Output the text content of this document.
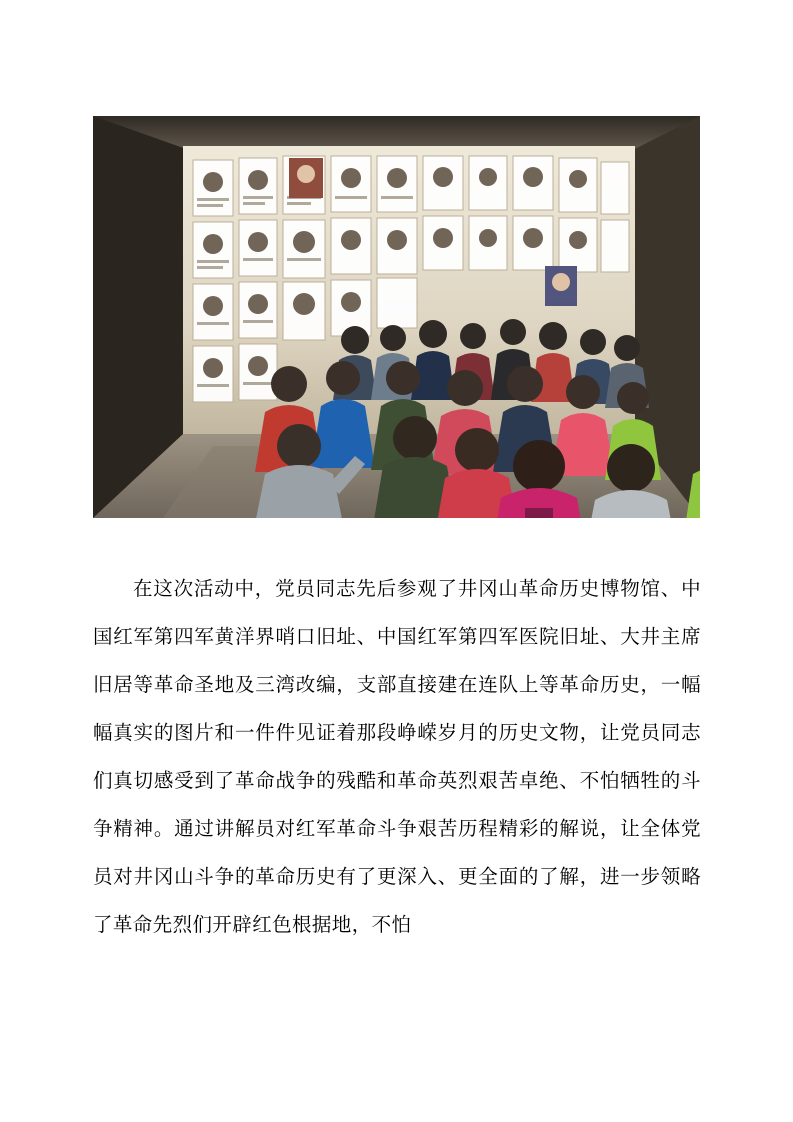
在这次活动中，党员同志先后参观了井冈山革命历史博物馆、中国红军第四军黄洋界哨口旧址、中国红军第四军医院旧址、大井主席旧居等革命圣地及三湾改编，支部直接建在连队上等革命历史，一幅幅真实的图片和一件件见证着那段峥嵘岁月的历史文物，让党员同志们真切感受到了革命战争的残酷和革命英烈艰苦卓绝、不怕牺牲的斗争精神。通过讲解员对红军革命斗争艰苦历程精彩的解说，让全体党员对井冈山斗争的革命历史有了更深入、更全面的了解，进一步领略了革命先烈们开辟红色根据地，不怕
